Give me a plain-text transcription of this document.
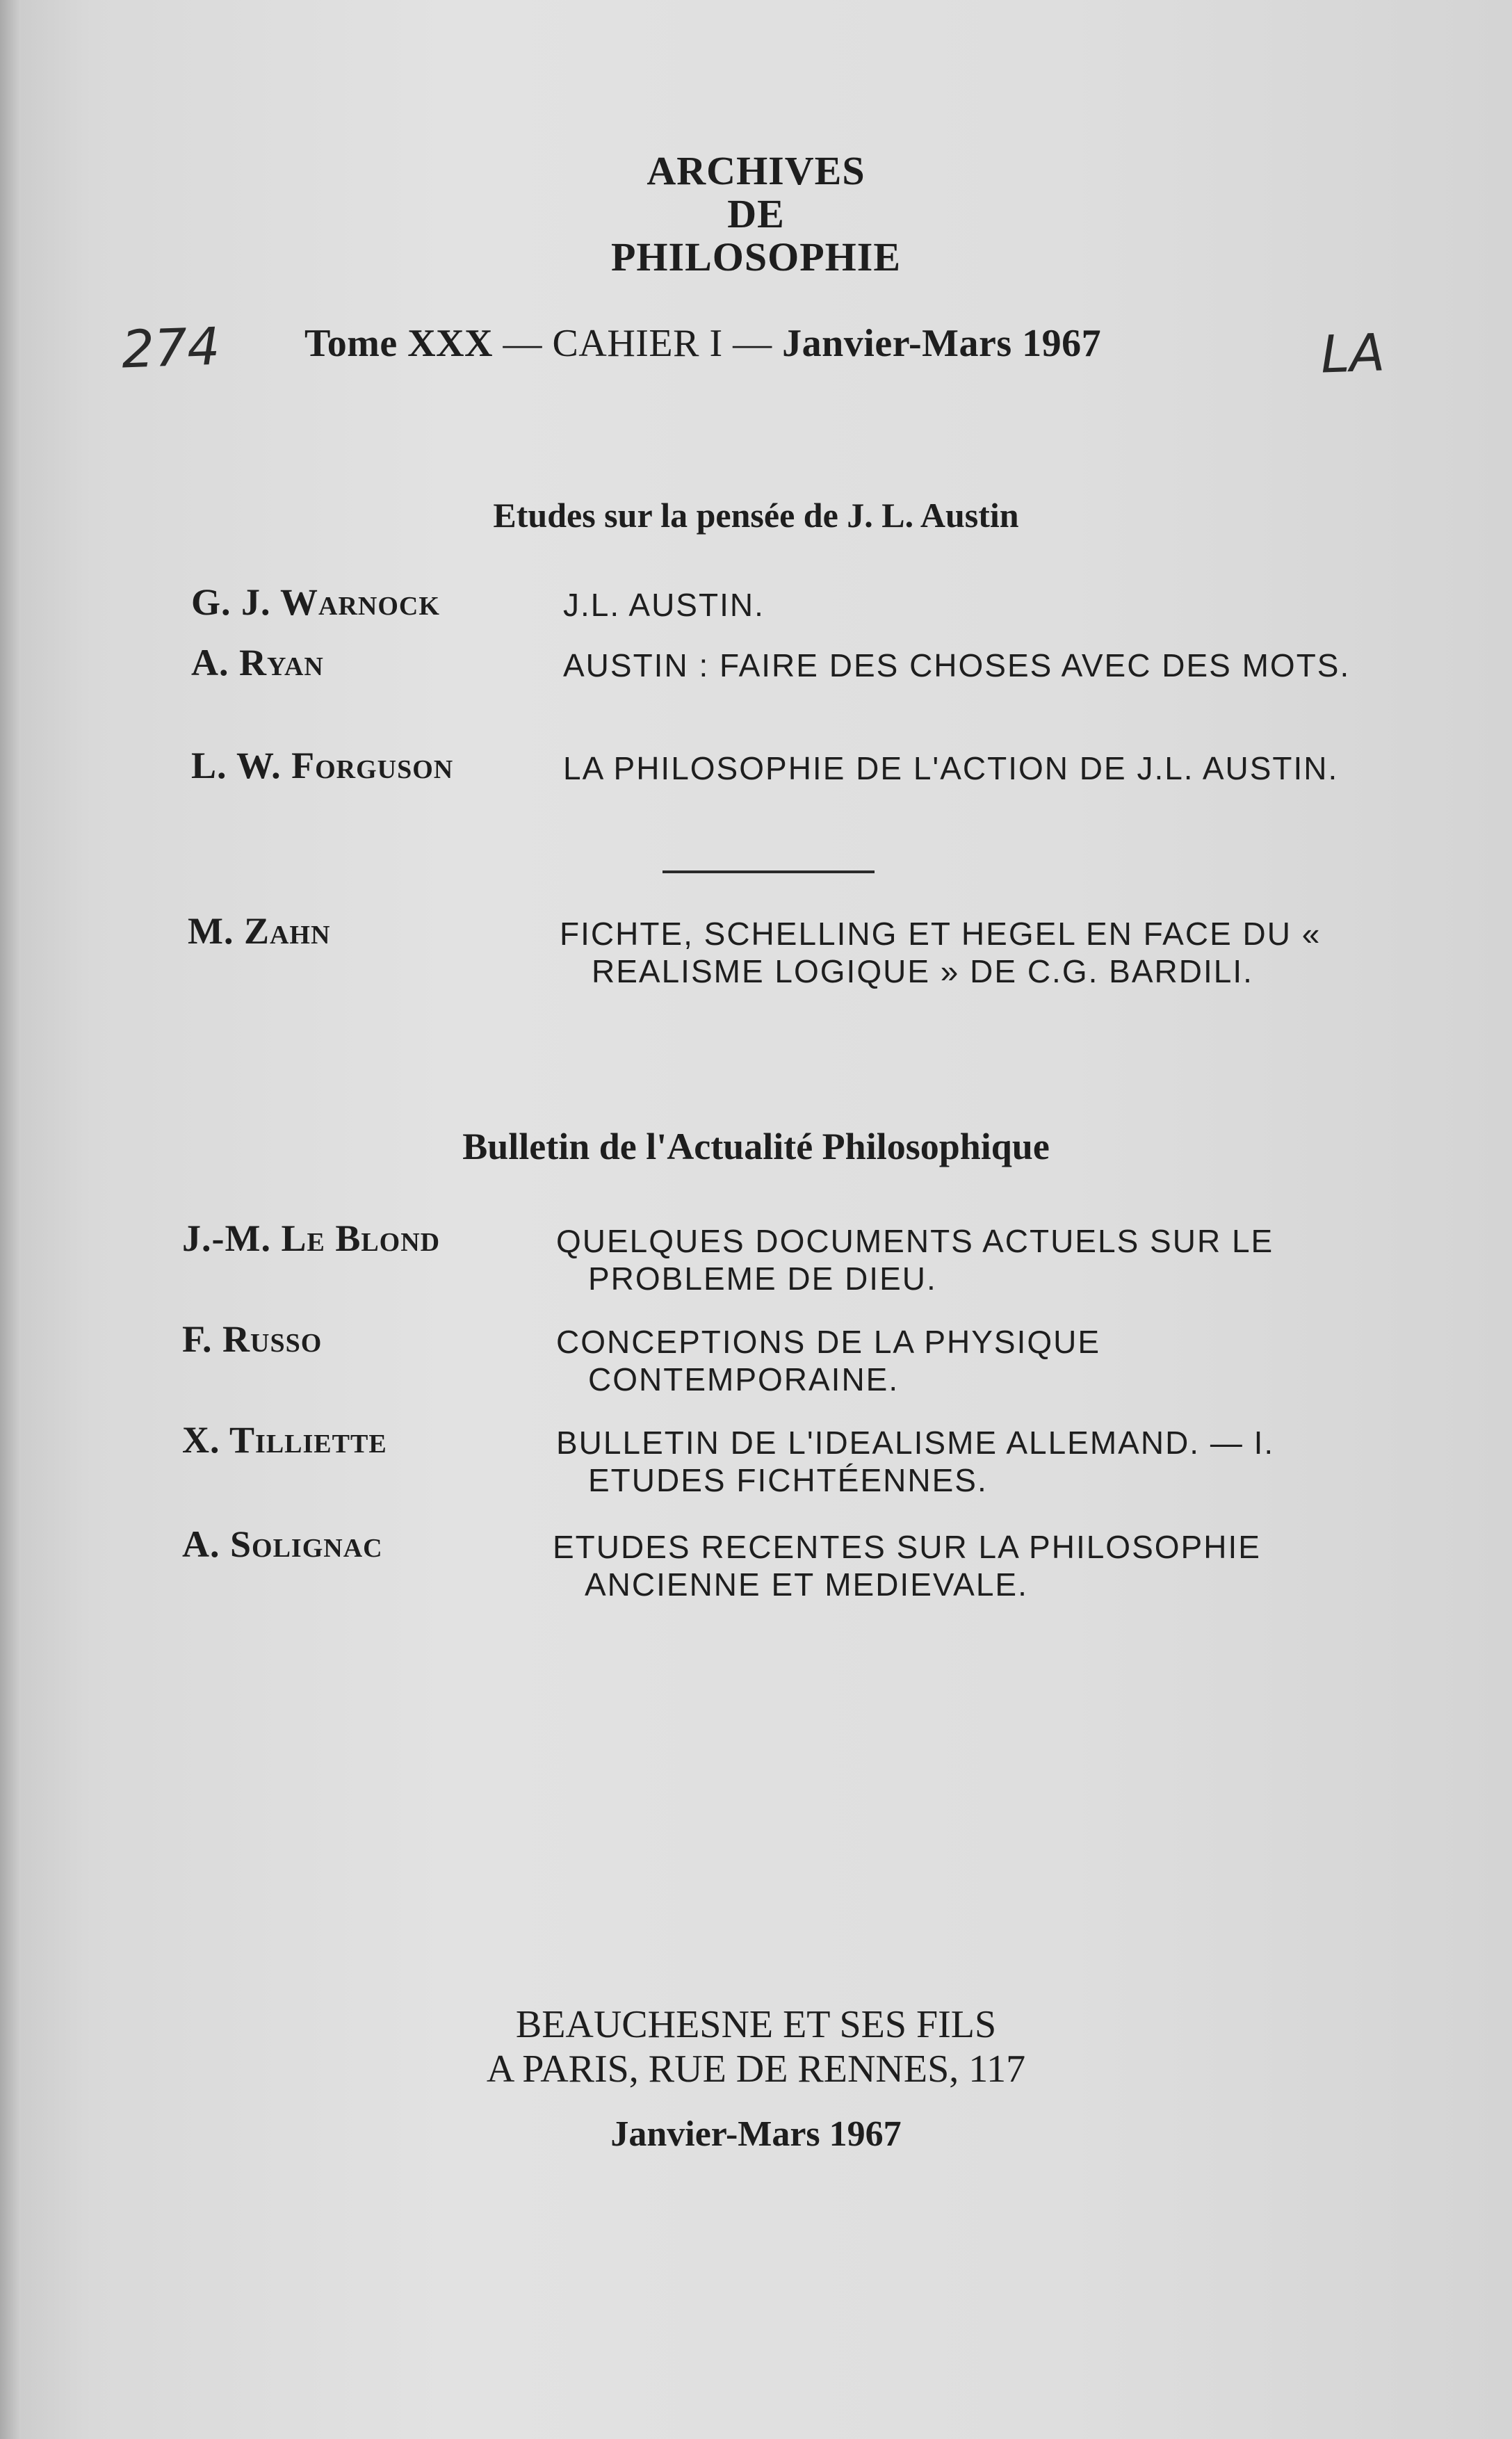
ARCHIVES
DE
PHILOSOPHIE
274 Tome XXX — CAHIER I — Janvier-Mars 1967	LA
Etudes sur la pensée de J. L. Austin
G. J. Warnock	J.L. AUSTIN.
A. Ryan	AUSTIN : FAIRE DES CHOSES AVEC DES MOTS.
L. W. Forguson	LA PHILOSOPHIE DE L'ACTION DE J.L. AUSTIN.
M. Zahn	FICHTE, SCHELLING ET HEGEL EN FACE DU « REALISME LOGIQUE » DE C.G. BARDILI.
Bulletin de l'Actualité Philosophique
J.-M. Le Blond	QUELQUES DOCUMENTS ACTUELS SUR LE PROBLEME DE DIEU.
F. Russo	CONCEPTIONS DE LA PHYSIQUE CONTEMPORAINE.
X. Tilliette	BULLETIN DE L'IDEALISME ALLEMAND. — I. ETUDES FICHTÉENNES.
A. Solignac	ETUDES RECENTES SUR LA PHILOSOPHIE ANCIENNE ET MEDIEVALE.
BEAUCHESNE ET SES FILS
A PARIS, RUE DE RENNES, 117
Janvier-Mars 1967
